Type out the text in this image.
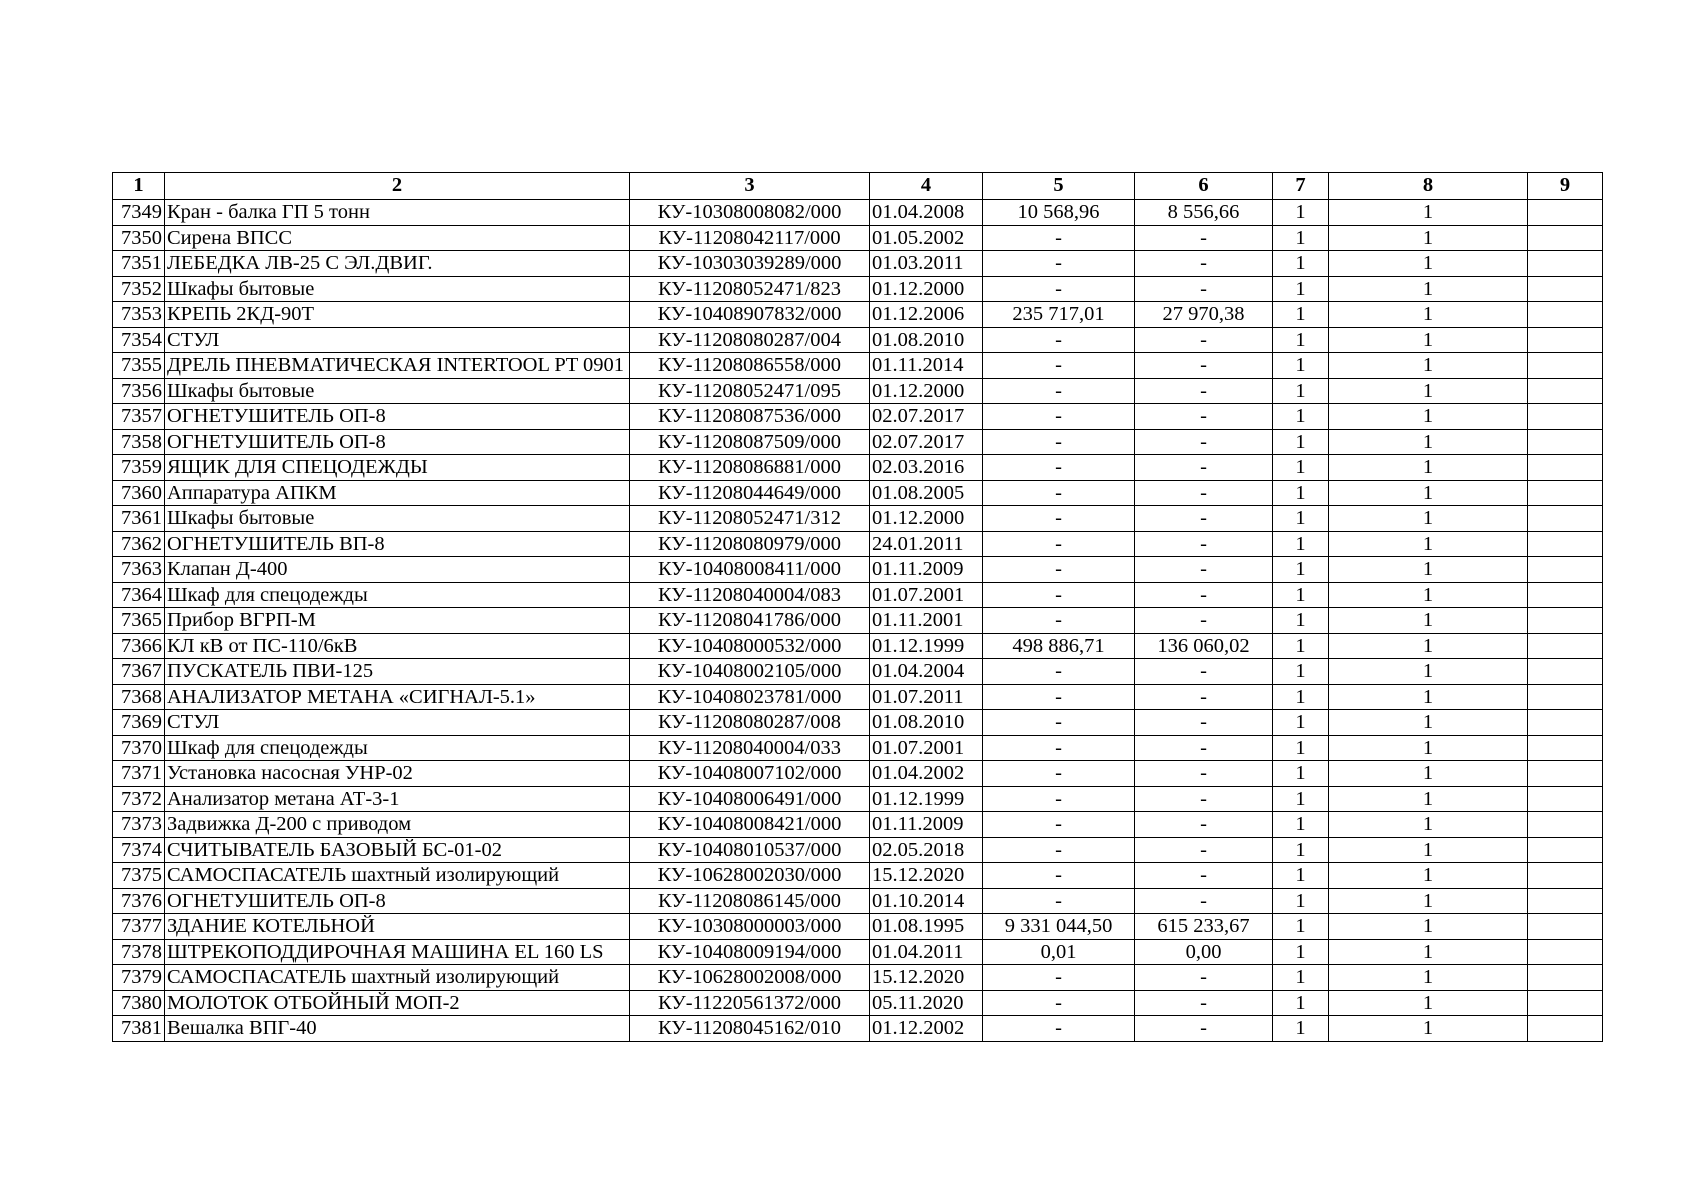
1	2	3	4	5	6	7	8	9
7349	Кран - балка ГП 5 тонн	КУ-10308008082/000	01.04.2008	10 568,96	8 556,66	1	1	
7350	Сирена ВПСС	КУ-11208042117/000	01.05.2002	-	-	1	1	
7351	ЛЕБЕДКА ЛВ-25 С ЭЛ.ДВИГ.	КУ-10303039289/000	01.03.2011	-	-	1	1	
7352	Шкафы бытовые	КУ-11208052471/823	01.12.2000	-	-	1	1	
7353	КРЕПЬ 2КД-90Т	КУ-10408907832/000	01.12.2006	235 717,01	27 970,38	1	1	
7354	СТУЛ	КУ-11208080287/004	01.08.2010	-	-	1	1	
7355	ДРЕЛЬ ПНЕВМАТИЧЕСКАЯ INTERTOOL PT 0901	КУ-11208086558/000	01.11.2014	-	-	1	1	
7356	Шкафы бытовые	КУ-11208052471/095	01.12.2000	-	-	1	1	
7357	ОГНЕТУШИТЕЛЬ ОП-8	КУ-11208087536/000	02.07.2017	-	-	1	1	
7358	ОГНЕТУШИТЕЛЬ ОП-8	КУ-11208087509/000	02.07.2017	-	-	1	1	
7359	ЯЩИК ДЛЯ СПЕЦОДЕЖДЫ	КУ-11208086881/000	02.03.2016	-	-	1	1	
7360	Аппаратура АПКМ	КУ-11208044649/000	01.08.2005	-	-	1	1	
7361	Шкафы бытовые	КУ-11208052471/312	01.12.2000	-	-	1	1	
7362	ОГНЕТУШИТЕЛЬ ВП-8	КУ-11208080979/000	24.01.2011	-	-	1	1	
7363	Клапан Д-400	КУ-10408008411/000	01.11.2009	-	-	1	1	
7364	Шкаф для спецодежды	КУ-11208040004/083	01.07.2001	-	-	1	1	
7365	Прибор ВГРП-М	КУ-11208041786/000	01.11.2001	-	-	1	1	
7366	КЛ кВ от ПС-110/6кВ	КУ-10408000532/000	01.12.1999	498 886,71	136 060,02	1	1	
7367	ПУСКАТЕЛЬ ПВИ-125	КУ-10408002105/000	01.04.2004	-	-	1	1	
7368	АНАЛИЗАТОР МЕТАНА «СИГНАЛ-5.1»	КУ-10408023781/000	01.07.2011	-	-	1	1	
7369	СТУЛ	КУ-11208080287/008	01.08.2010	-	-	1	1	
7370	Шкаф для спецодежды	КУ-11208040004/033	01.07.2001	-	-	1	1	
7371	Установка насосная УНР-02	КУ-10408007102/000	01.04.2002	-	-	1	1	
7372	Анализатор метана АТ-3-1	КУ-10408006491/000	01.12.1999	-	-	1	1	
7373	Задвижка Д-200 с приводом	КУ-10408008421/000	01.11.2009	-	-	1	1	
7374	СЧИТЫВАТЕЛЬ БАЗОВЫЙ БС-01-02	КУ-10408010537/000	02.05.2018	-	-	1	1	
7375	САМОСПАСАТЕЛЬ шахтный изолирующий	КУ-10628002030/000	15.12.2020	-	-	1	1	
7376	ОГНЕТУШИТЕЛЬ ОП-8	КУ-11208086145/000	01.10.2014	-	-	1	1	
7377	ЗДАНИЕ КОТЕЛЬНОЙ	КУ-10308000003/000	01.08.1995	9 331 044,50	615 233,67	1	1	
7378	ШТРЕКОПОДДИРОЧНАЯ МАШИНА EL 160 LS	КУ-10408009194/000	01.04.2011	0,01	0,00	1	1	
7379	САМОСПАСАТЕЛЬ шахтный изолирующий	КУ-10628002008/000	15.12.2020	-	-	1	1	
7380	МОЛОТОК ОТБОЙНЫЙ МОП-2	КУ-11220561372/000	05.11.2020	-	-	1	1	
7381	Вешалка ВПГ-40	КУ-11208045162/010	01.12.2002	-	-	1	1	
